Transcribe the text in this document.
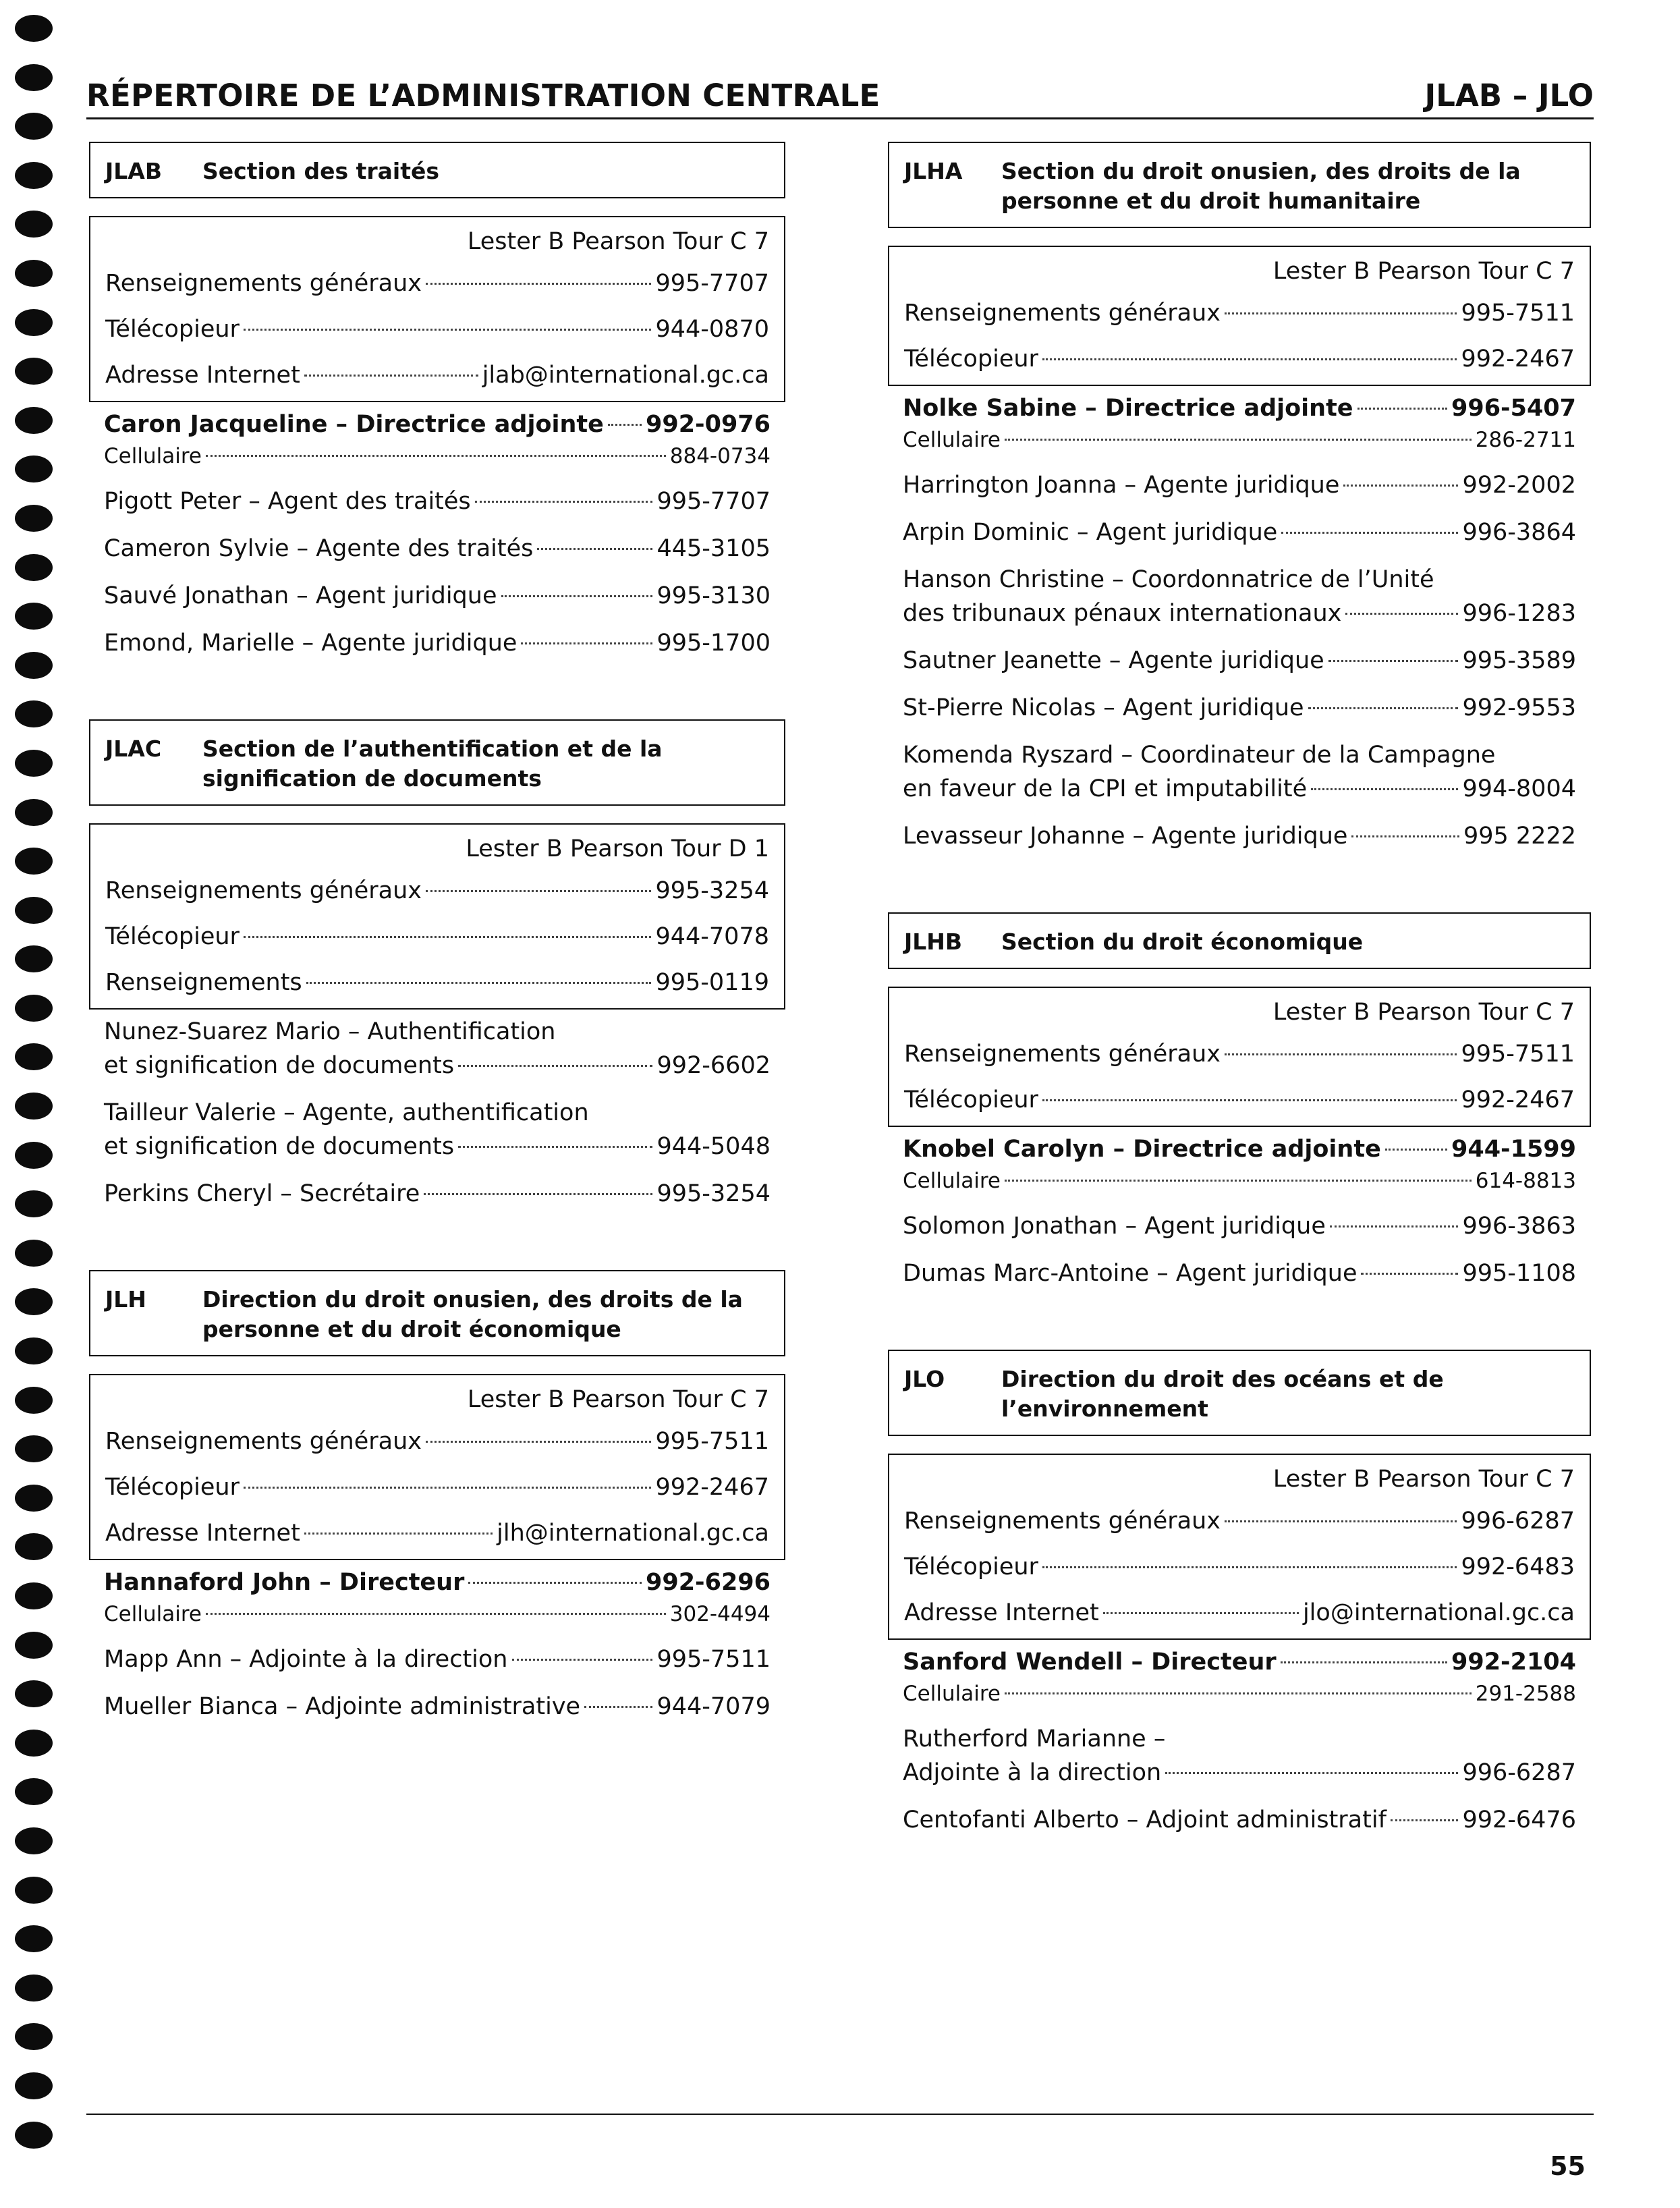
RÉPERTOIRE DE L’ADMINISTRATION CENTRALE	JLAB – JLO
JLAB	Section des traités
Lester B Pearson Tour C 7
Renseignements généraux	995-7707
Télécopieur	944-0870
Adresse Internet	jlab@international.gc.ca
Caron Jacqueline – Directrice adjointe 992-0976
Cellulaire	884-0734
Pigott Peter – Agent des traités	995-7707
Cameron Sylvie – Agente des traités	445-3105
Sauvé Jonathan – Agent juridique	995-3130
Emond, Marielle – Agente juridique	995-1700
JLAC	Section de l’authentification et de la signification de documents
Lester B Pearson Tour D 1
Renseignements généraux	995-3254
Télécopieur	944-7078
Renseignements	995-0119
Nunez-Suarez Mario – Authentification
et signification de documents	992-6602
Tailleur Valerie – Agente, authentification
et signification de documents	944-5048
Perkins Cheryl – Secrétaire	995-3254
JLH	Direction du droit onusien, des droits de la personne et du droit économique
Lester B Pearson Tour C 7
Renseignements généraux	995-7511
Télécopieur	992-2467
Adresse Internet	jlh@international.gc.ca
Hannaford John – Directeur	992-6296
Cellulaire	302-4494
Mapp Ann – Adjointe à la direction	995-7511
Mueller Bianca – Adjointe administrative	944-7079
JLHA	Section du droit onusien, des droits de la personne et du droit humanitaire
Lester B Pearson Tour C 7
Renseignements généraux	995-7511
Télécopieur	992-2467
Nolke Sabine – Directrice adjointe	996-5407
Cellulaire	286-2711
Harrington Joanna – Agente juridique	992-2002
Arpin Dominic – Agent juridique	996-3864
Hanson Christine – Coordonnatrice de l’Unité
des tribunaux pénaux internationaux	996-1283
Sautner Jeanette – Agente juridique	995-3589
St-Pierre Nicolas – Agent juridique	992-9553
Komenda Ryszard – Coordinateur de la Campagne
en faveur de la CPI et imputabilité	994-8004
Levasseur Johanne – Agente juridique	995 2222
JLHB	Section du droit économique
Lester B Pearson Tour C 7
Renseignements généraux	995-7511
Télécopieur	992-2467
Knobel Carolyn – Directrice adjointe	944-1599
Cellulaire	614-8813
Solomon Jonathan – Agent juridique	996-3863
Dumas Marc-Antoine – Agent juridique	995-1108
JLO	Direction du droit des océans et de l’environnement
Lester B Pearson Tour C 7
Renseignements généraux	996-6287
Télécopieur	992-6483
Adresse Internet	jlo@international.gc.ca
Sanford Wendell – Directeur	992-2104
Cellulaire	291-2588
Rutherford Marianne –
Adjointe à la direction	996-6287
Centofanti Alberto – Adjoint administratif	992-6476
55
